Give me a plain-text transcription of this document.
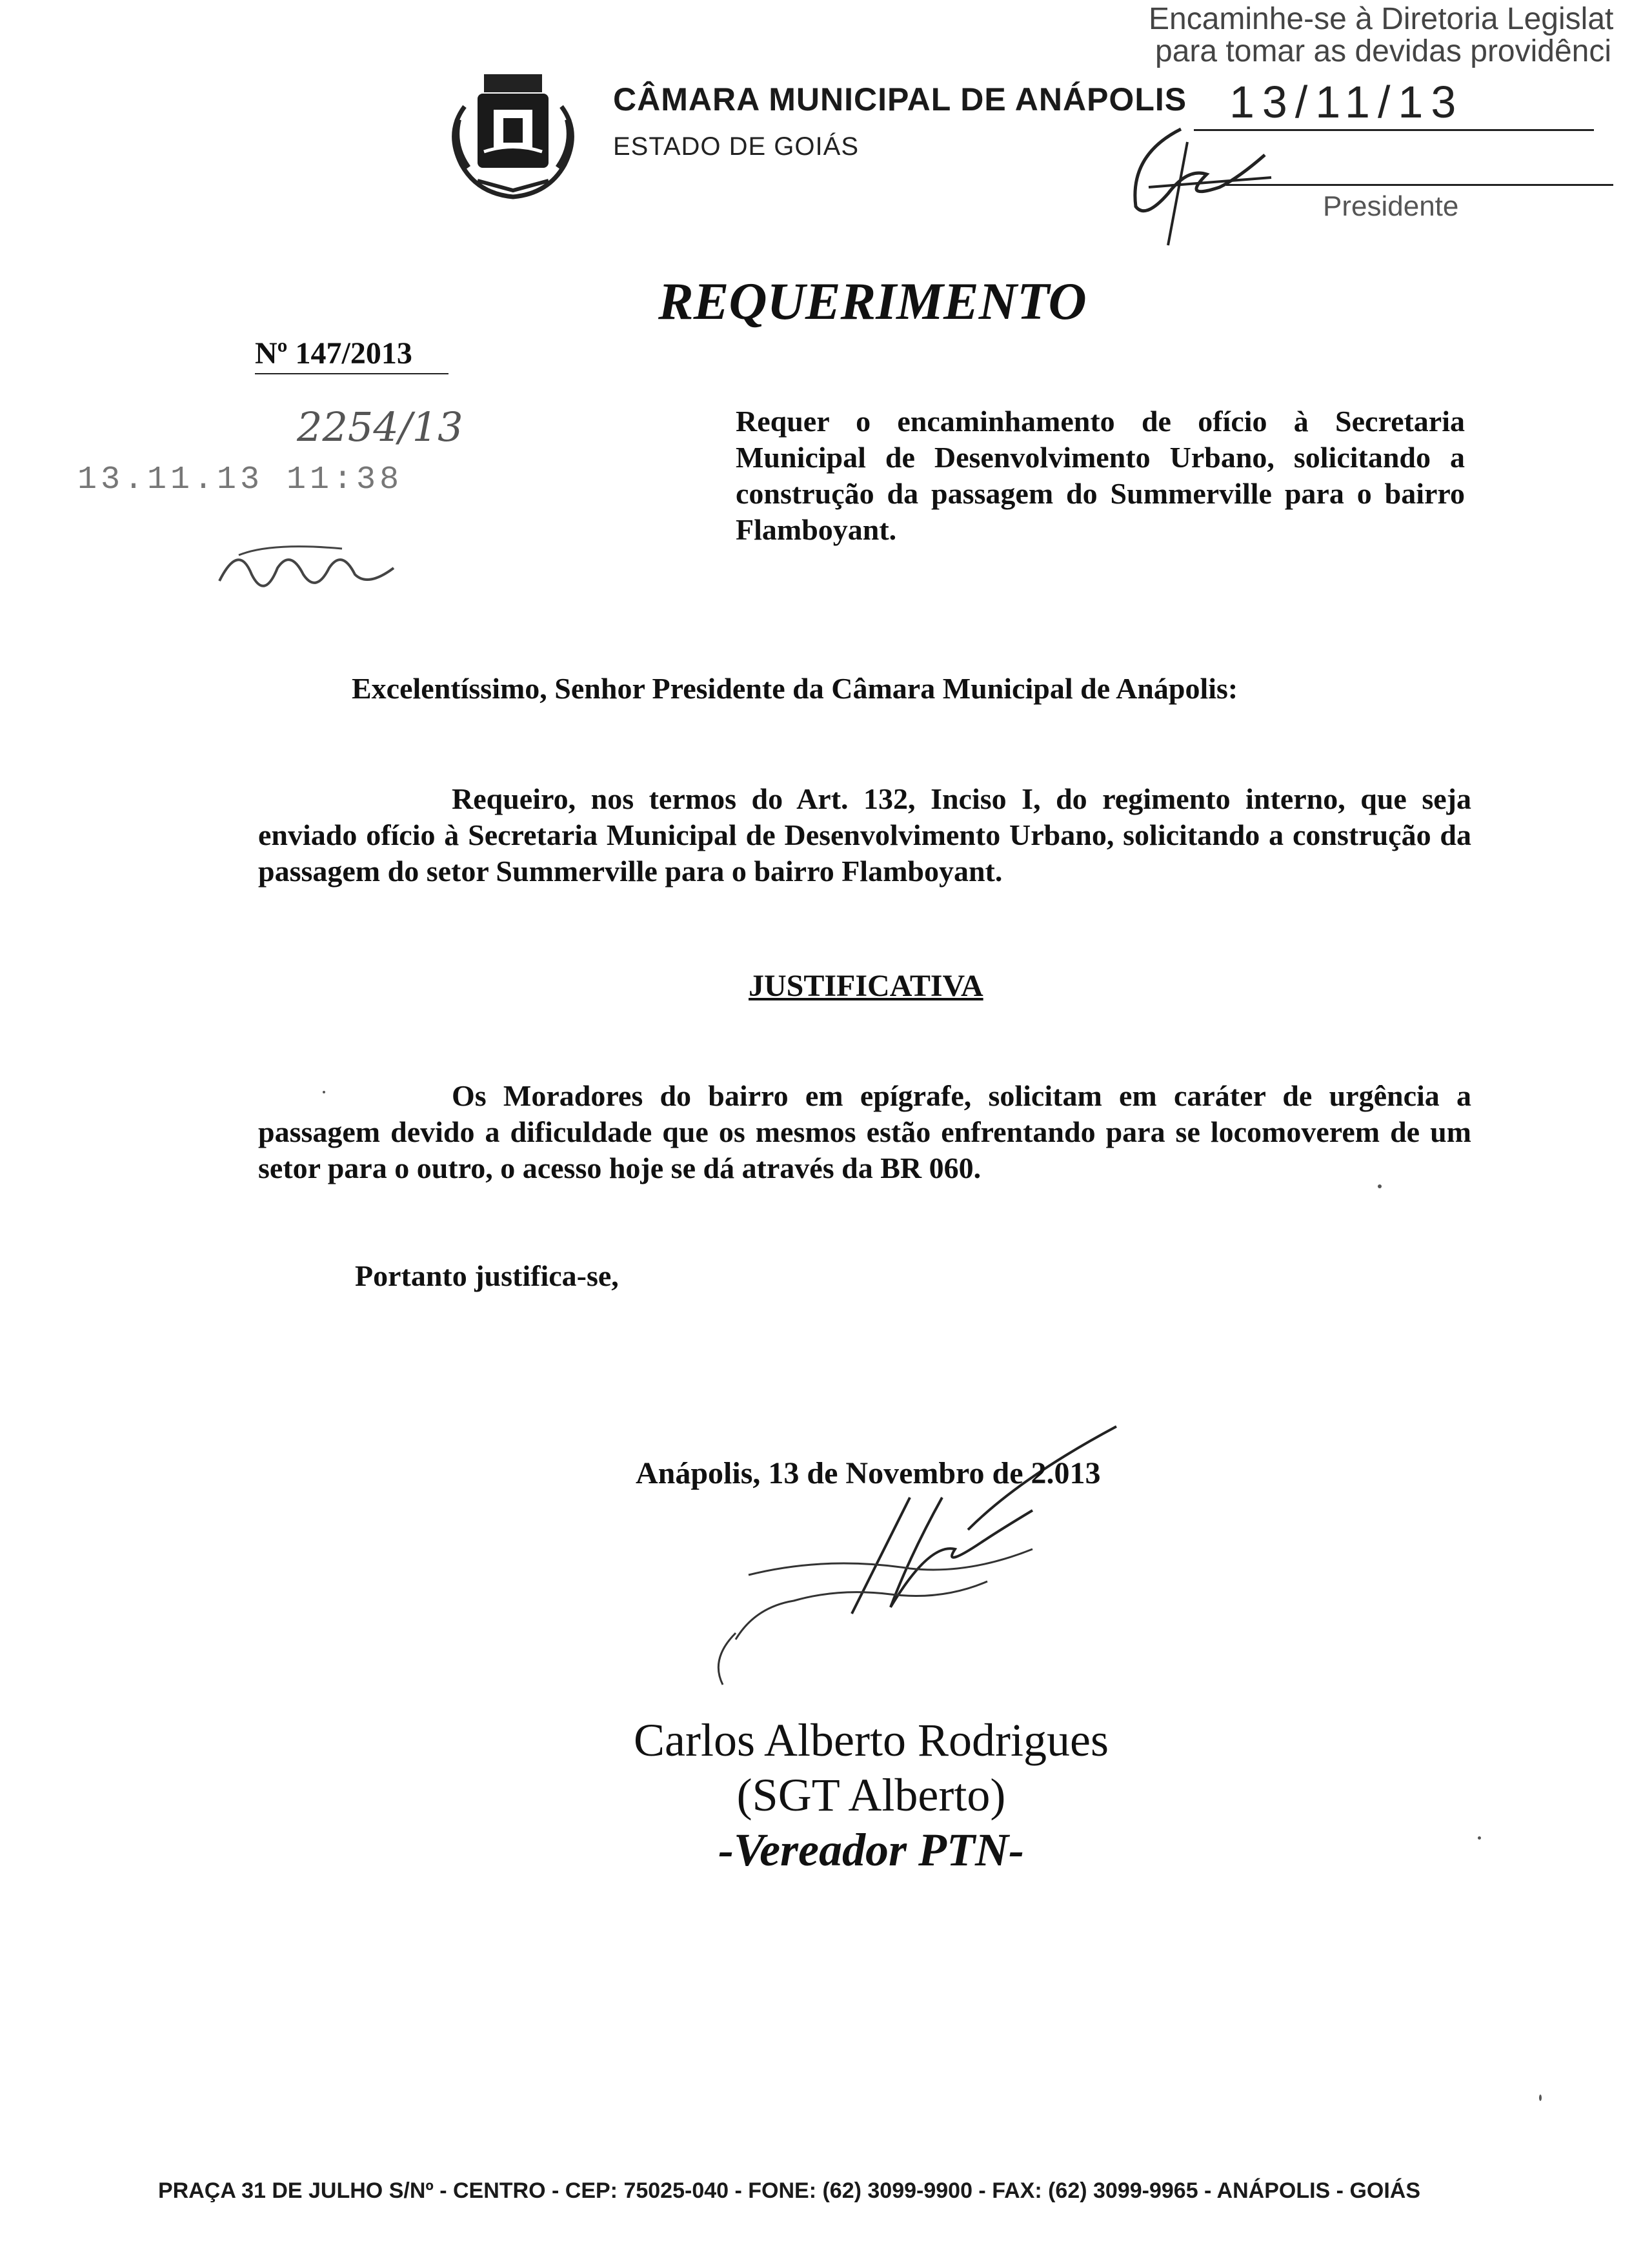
CÂMARA MUNICIPAL DE ANÁPOLIS
ESTADO DE GOIÁS
Encaminhe-se à Diretoria Legislat
para tomar as devidas providênci
13/11/13
Presidente
REQUERIMENTO
Nº 147/2013
2254/13
13.11.13 11:38
Requer o encaminhamento de ofício à Secretaria Municipal de Desenvolvimento Urbano, solicitando a construção da passagem do Summerville para o bairro Flamboyant.
Excelentíssimo, Senhor Presidente da Câmara Municipal de Anápolis:
Requeiro, nos termos do Art. 132, Inciso I, do regimento interno, que seja enviado ofício à Secretaria Municipal de Desenvolvimento Urbano, solicitando a construção da passagem do setor Summerville para o bairro Flamboyant.
JUSTIFICATIVA
Os Moradores do bairro em epígrafe, solicitam em caráter de urgência a passagem devido a dificuldade que os mesmos estão enfrentando para se locomoverem de um setor para o outro, o acesso hoje se dá através da BR 060.
Portanto justifica-se,
Anápolis, 13 de Novembro de 2.013
Carlos Alberto Rodrigues
(SGT Alberto)
-Vereador PTN-
PRAÇA 31 DE JULHO S/Nº - CENTRO - CEP: 75025-040 - FONE: (62) 3099-9900 - FAX: (62) 3099-9965 - ANÁPOLIS - GOIÁS
